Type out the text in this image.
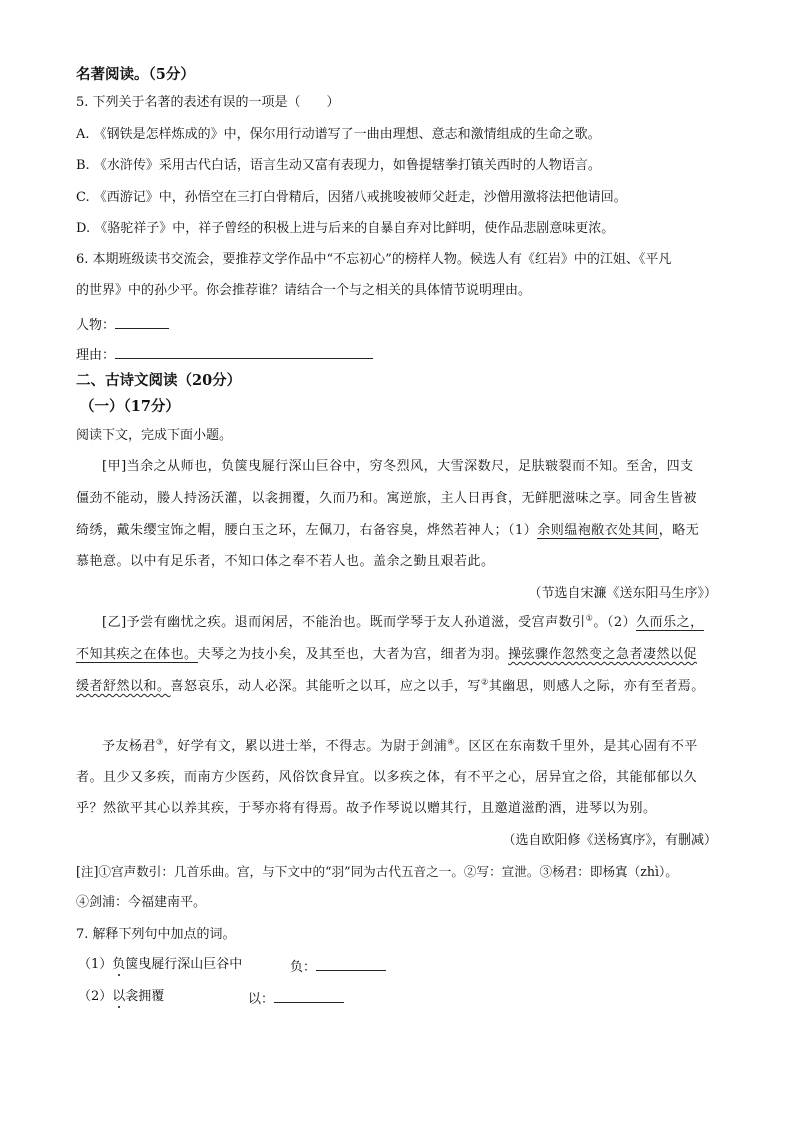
名著阅读。（5分）
5. 下列关于名著的表述有误的一项是（　　）
A. 《钢铁是怎样炼成的》中，保尔用行动谱写了一曲由理想、意志和激情组成的生命之歌。
B. 《水浒传》采用古代白话，语言生动又富有表现力，如鲁提辖拳打镇关西时的人物语言。
C. 《西游记》中，孙悟空在三打白骨精后，因猪八戒挑唆被师父赶走，沙僧用激将法把他请回。
D. 《骆驼祥子》中，祥子曾经的积极上进与后来的自暴自弃对比鲜明，使作品悲剧意味更浓。
6. 本期班级读书交流会，要推荐文学作品中“不忘初心”的榜样人物。候选人有《红岩》中的江姐、《平凡
的世界》中的孙少平。你会推荐谁？请结合一个与之相关的具体情节说明理由。
人物：
理由：
二、古诗文阅读（20分）
（一）（17分）
阅读下文，完成下面小题。
[甲]当余之从师也，负箧曳屣行深山巨谷中，穷冬烈风，大雪深数尺，足肤皲裂而不知。至舍，四支
僵劲不能动，媵人持汤沃灌，以衾拥覆，久而乃和。寓逆旅，主人日再食，无鲜肥滋味之享。同舍生皆被
绮绣，戴朱缨宝饰之帽，腰白玉之环，左佩刀，右备容臭，烨然若神人；（1）余则缊袍敝衣处其间，略无
慕艳意。以中有足乐者，不知口体之奉不若人也。盖余之勤且艰若此。
（节选自宋濂《送东阳马生序》）
[乙]予尝有幽忧之疾。退而闲居，不能治也。既而学琴于友人孙道滋，受宫声数引①。（2）久而乐之，
不知其疾之在体也。夫琴之为技小矣，及其至也，大者为宫，细者为羽。操弦骤作忽然变之急者凄然以促
缓者舒然以和。喜怒哀乐，动人必深。其能听之以耳，应之以手，写②其幽思，则感人之际，亦有至者焉。
予友杨君③，好学有文，累以进士举，不得志。为尉于剑浦④。区区在东南数千里外，是其心固有不平
者。且少又多疾，而南方少医药，风俗饮食异宜。以多疾之体，有不平之心，居异宜之俗，其能郁郁以久
乎？然欲平其心以养其疾，于琴亦将有得焉。故予作琴说以赠其行，且邀道滋酌酒，进琴以为别。
（选自欧阳修《送杨寘序》，有删减）
[注]①宫声数引：几首乐曲。宫，与下文中的“羽”同为古代五音之一。②写：宣泄。③杨君：即杨寘（zhì）。
④剑浦：今福建南平。
7. 解释下列句中加点的词。
（1）负箧曳屣行深山巨谷中	负：
（2）以衾拥覆	以：
